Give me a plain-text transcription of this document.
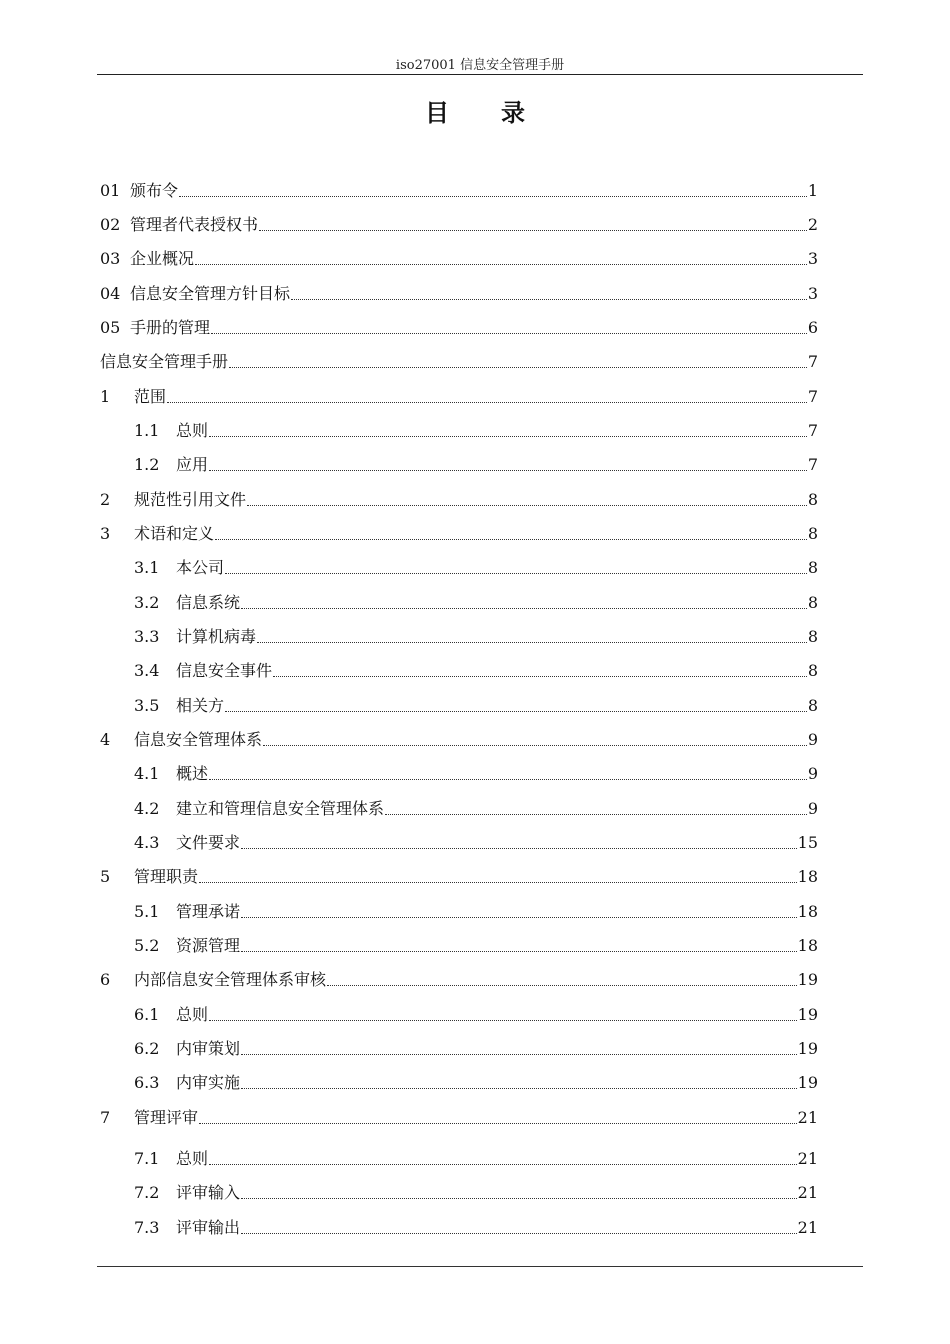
iso27001 信息安全管理手册
目录
01 颁布令	1
02 管理者代表授权书	2
03 企业概况	3
04 信息安全管理方针目标	3
05 手册的管理	6
信息安全管理手册	7
1	范围	7
1.1	总则	7
1.2	应用	7
2	规范性引用文件	8
3	术语和定义	8
3.1	本公司	8
3.2	信息系统	8
3.3	计算机病毒	8
3.4	信息安全事件	8
3.5	相关方	8
4	信息安全管理体系	9
4.1	概述	9
4.2	建立和管理信息安全管理体系	9
4.3	文件要求	15
5	管理职责	18
5.1	管理承诺	18
5.2	资源管理	18
6	内部信息安全管理体系审核	19
6.1	总则	19
6.2	内审策划	19
6.3	内审实施	19
7	管理评审	21
7.1	总则	21
7.2	评审输入	21
7.3	评审输出	21
